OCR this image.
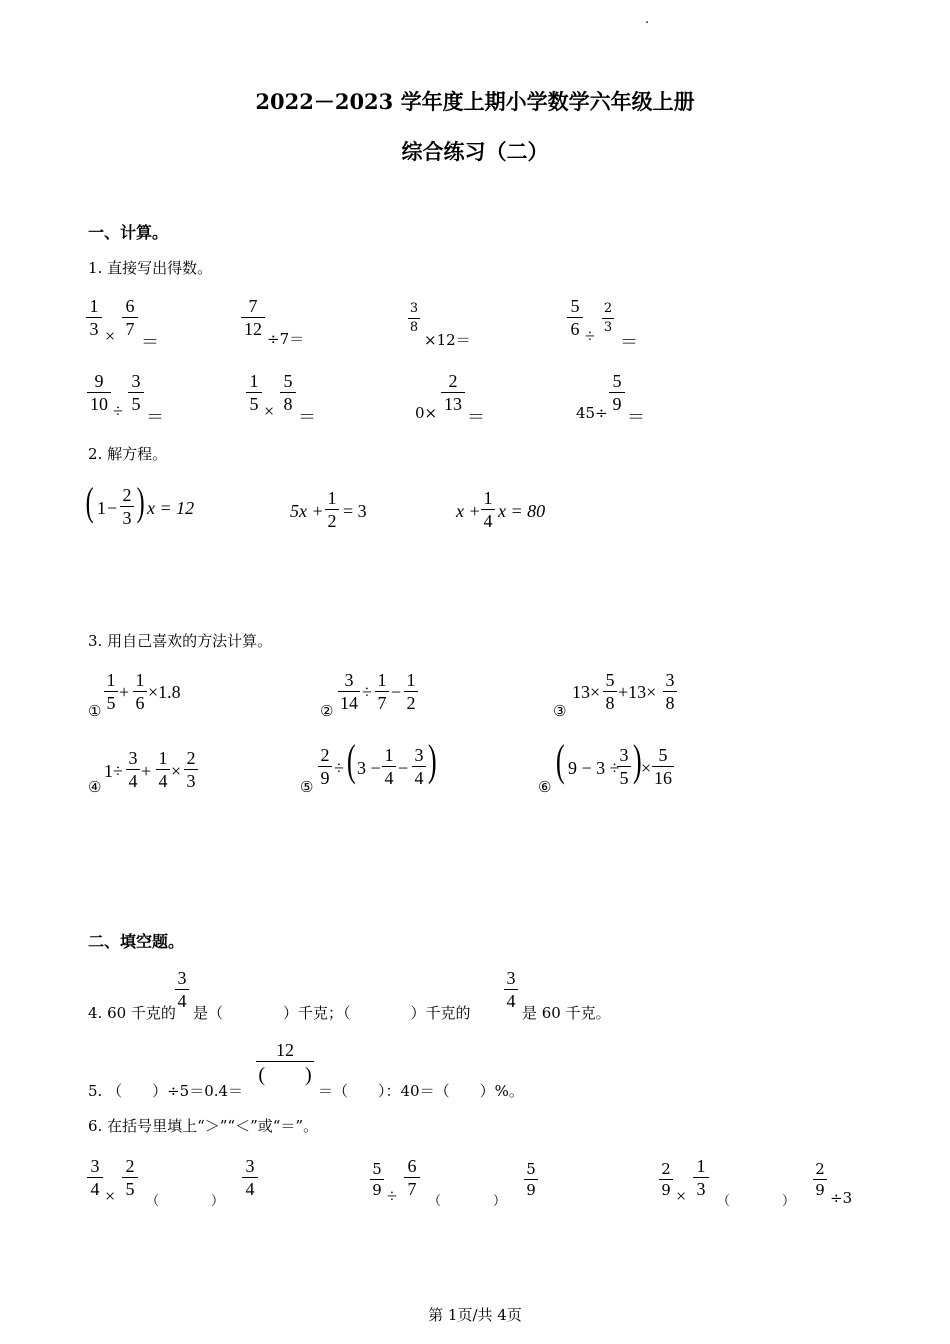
.
2022－2023 学年度上期小学数学六年级上册
综合练习（二）
一、计算。
1. 直接写出得数。
1
3 ×
6
7
＝
7
12 ÷7＝
3
8
×12＝
5
6 ÷
2
3
＝
9
10 ÷
3
5
＝
1
5 ×
5
8
＝	0×
2
13
＝	45÷
5
9
＝
2. 解方程。
( 1 −
2
3 ) x = 12	5x +
1
2 = 3	x +
1
4 x = 80
3. 用自己喜欢的方法计算。
①
1
5
+
1
6
×1.8
②
3
14
÷
1
7
−
1
2	③
13×
5
8
+13×
3
8
④
1÷
3
4 +
1
4 ×
2
3	⑤
2
9 ÷ ( 3 −
1
4 −
3
4 )
⑥
( 9 − 3 ÷
3
5 ) ×
5
16
二、填空题。
4. 60 千克的
3
4
是（　　　　）千克；（　　　　）千克的
3
4
是 60 千克。
5. （　　）÷5＝0.4＝
12
(　　)
＝（　　）：40＝（　　）%。
6. 在括号里填上“＞”“＜”或“＝”。
3
4 ×
2
5
（　　　　）
3
4
5
9 ÷
6
7
（　　　　）
5
9
2
9 ×
1
3
（　　　　）
2
9 ÷3
第 1页/共 4页
